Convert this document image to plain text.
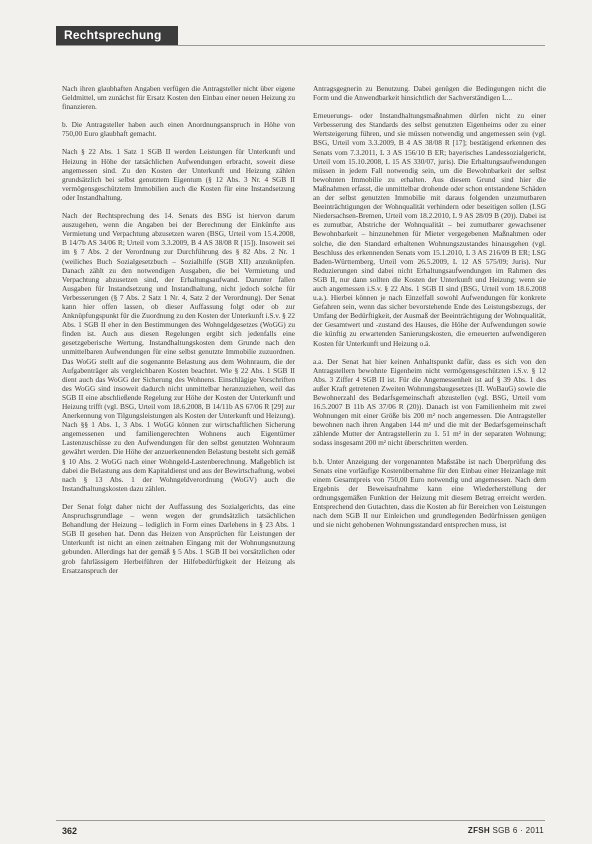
Rechtsprechung

Nach ihren glaubhaften Angaben verfügen die Antragsteller nicht über eigene Geldmittel, um zunächst für Ersatz Kosten den Einbau einer neuen Heizung zu finanzieren.

b. Die Antragsteller haben auch einen Anordnungsanspruch in Höhe von 750,00 Euro glaubhaft gemacht.

Nach § 22 Abs. 1 Satz 1 SGB II werden Leistungen für Unterkunft und Heizung in Höhe der tatsächlichen Aufwendungen erbracht, soweit diese angemessen sind. Zu den Kosten der Unterkunft und Heizung zählen grundsätzlich bei selbst genutztem Eigentum (§ 12 Abs. 3 Nr. 4 SGB II vermögensgeschütztem Immobilien auch die Kosten für eine Instandsetzung oder Instandhaltung.

Nach der Rechtsprechung des 14. Senats des BSG ist hiervon darum auszugehen, wenn die Angaben bei der Berechnung der Einkünfte aus Vermietung und Verpachtung abzusetzen waren (BSG, Urteil vom 15.4.2008, B 14/7b AS 34/06 R; Urteil vom 3.3.2009, B 4 AS 38/08 R [15]). Insoweit sei im § 7 Abs. 2 der Verordnung zur Durchführung des § 82 Abs. 2 Nr. 1 (weiliches Buch Sozialgesetzbuch – Sozialhilfe (SGB XII) anzuknüpfen. Danach zählt zu den notwendigen Ausgaben, die bei Vermietung und Verpachtung abzusetzen sind, der Erhaltungsaufwand. Darunter fallen Ausgaben für Instandsetzung und Instandhaltung, nicht jedoch solche für Verbesserungen (§ 7 Abs. 2 Satz 1 Nr. 4, Satz 2 der Verordnung). Der Senat kann hier offen lassen, ob dieser Auffassung folgt oder ob zur Anknüpfungspunkt für die Zuordnung zu den Kosten der Unterkunft i.S.v. § 22 Abs. 1 SGB II eher in den Bestimmungen des Wohngeldgesetzes (WoGG) zu finden ist. Auch aus diesen Regelungen ergibt sich jedenfalls eine gesetzgeberische Wertung, Instandhaltungskosten dem Grunde nach den unmittelbaren Aufwendungen für eine selbst genutzte Immobilie zuzuordnen. Das WoGG stellt auf die sogenannte Belastung aus dem Wohnraum, die der Aufgabenträger als vergleichbaren Kosten beachtet. Wie § 22 Abs. 1 SGB II dient auch das WoGG der Sicherung des Wohnens. Einschlägige Vorschriften des WoGG sind insoweit dadurch nicht unmittelbar heranzuziehen, weil das SGB II eine abschließende Regelung zur Höhe der Kosten der Unterkunft und Heizung trifft (vgl. BSG, Urteil vom 18.6.2008, B 14/11b AS 67/06 R [29] zur Anerkennung von Tilgungsleistungen als Kosten der Unterkunft und Heizung). Nach §§ 1 Abs. 1, 3 Abs. 1 WoGG können zur wirtschaftlichen Sicherung angemessenen und familiengerechten Wohnens auch Eigentümer Lastenzuschüsse zu den Aufwendungen für den selbst genutzten Wohnraum gewährt werden. Die Höhe der anzuerkennenden Belastung besteht sich gemäß § 10 Abs. 2 WoGG nach einer Wohngeld-Lastenberechnung. Maßgeblich ist dabei die Belastung aus dem Kapitaldienst und aus der Bewirtschaftung, wobei nach § 13 Abs. 1 der Wohngeldverordnung (WoGV) auch die Instandhaltungskosten dazu zählen.

Der Senat folgt daher nicht der Auffassung des Sozialgerichts, das eine Anspruchsgrundlage – wenn wegen der grundsätzlich tatsächlichen Behandlung der Heizung – lediglich in Form eines Darlehens in § 23 Abs. 1 SGB II gesehen hat. Denn das Heizen von Ansprüchen für Leistungen der Unterkunft ist nicht an einen zeitnahen Eingang mit der Wohnungsnutzung gebunden. Allerdings hat der gemäß § 5 Abs. 1 SGB II bei vorsätzlichen oder grob fahrlässigem Herbeiführen der Hilfebedürftigkeit der Heizung als Ersatzanspruch der

Antragsgegnerin zu Benutzung. Dabei genügen die Bedingungen nicht die Form und die Anwendbarkeit hinsichtlich der Sachverständigen L...

Erneuerungs- oder Instandhaltungsmaßnahmen dürfen nicht zu einer Verbesserung des Standards des selbst genutzten Eigenheims oder zu einer Wertsteigerung führen, und sie müssen notwendig und angemessen sein (vgl. BSG, Urteil vom 3.3.2009, B 4 AS 38/08 R [17]; bestätigend erkennen des Senats vom 7.3.2011, L 3 AS 156/10 B ER; bayerisches Landessozialgericht, Urteil vom 15.10.2008, L 15 AS 330/07, juris). Die Erhaltungsaufwendungen müssen in jedem Fall notwendig sein, um die Bewohnbarkeit der selbst bewohnten Immobilie zu erhalten. Aus diesem Grund sind hier die Maßnahmen erfasst, die unmittelbar drohende oder schon entstandene Schäden an der selbst genutzten Immobilie mit daraus folgenden unzumutbaren Beeinträchtigungen der Wohnqualität verhindern oder beseitigen sollen (LSG Niedersachsen-Bremen, Urteil vom 18.2.2010, L 9 AS 28/09 B (20)). Dabei ist es zumutbar, Abstriche der Wohnqualität – bei zumutbarer gewachsener Bewohnbarkeit – hinzunehmen für Mieter vergegebenen Maßnahmen oder solche, die den Standard erhaltenen Wohnungszustandes hinausgehen (vgl. Beschluss des erkennenden Senats vom 15.1.2010, L 3 AS 216/09 B ER; LSG Baden-Württemberg, Urteil vom 26.5.2009, L 12 AS 575/09; Juris). Nur Reduzierungen sind dabei nicht Erhaltungsaufwendungen im Rahmen des SGB II, nur dann sollten die Kosten der Unterkunft und Heizung; wenn sie auch angemessen i.S.v. § 22 Abs. 1 SGB II sind (BSG, Urteil vom 18.6.2008 u.a.). Hierbei können je nach Einzelfall sowohl Aufwendungen für konkrete Gefahren sein, wenn das sicher bevorstehende Ende des Leistungsbezugs, der Umfang der Bedürftigkeit, der Ausmaß der Beeinträchtigung der Wohnqualität, der Gesamtwert und -zustand des Hauses, die Höhe der Aufwendungen sowie die künftig zu erwartenden Sanierungskosten, die erneuerten aufwendigeren Kosten für Unterkunft und Heizung o.ä.

a.a. Der Senat hat hier keinen Anhaltspunkt dafür, dass es sich von den Antragstellern bewohnte Eigenheim nicht vermögensgeschützten i.S.v. § 12 Abs. 3 Ziffer 4 SGB II ist. Für die Angemessenheit ist auf § 39 Abs. 1 des außer Kraft getretenen Zweiten Wohnungsbaugesetzes (II. WoBauG) sowie die Bewohnerzahl des Bedarfsgemeinschaft abzustellen (vgl. BSG, Urteil vom 16.5.2007 B 11b AS 37/06 R (20)). Danach ist von Familienheim mit zwei Wohnungen mit einer Größe bis 200 m² noch angemessen. Die Antragsteller bewohnen nach ihren Angaben 144 m² und die mit der Bedarfsgemeinschaft zählende Mutter der Antragstellerin zu 1. 51 m² in der separaten Wohnung; sodass insgesamt 200 m² nicht überschritten werden.

b.b. Unter Anzeigung der vorgenannten Maßstäbe ist nach Überprüfung des Senats eine vorläufige Kostenübernahme für den Einbau einer Heizanlage mit einem Gesamtpreis von 750,00 Euro notwendig und angemessen. Nach dem Ergebnis der Beweisaufnahme kann eine Wiederherstellung der ordnungsgemäßen Funktion der Heizung mit diesem Betrag erreicht werden. Entsprechend den Gutachten, dass die Kosten ab für Bereichen von Leistungen nach dem SGB II nur Einleichen und grundlegenden Bedürfnissen genügen und sie nicht gehobenen Wohnungsstandard entsprechen muss, ist

362	ZFSH SGB 6 · 2011
